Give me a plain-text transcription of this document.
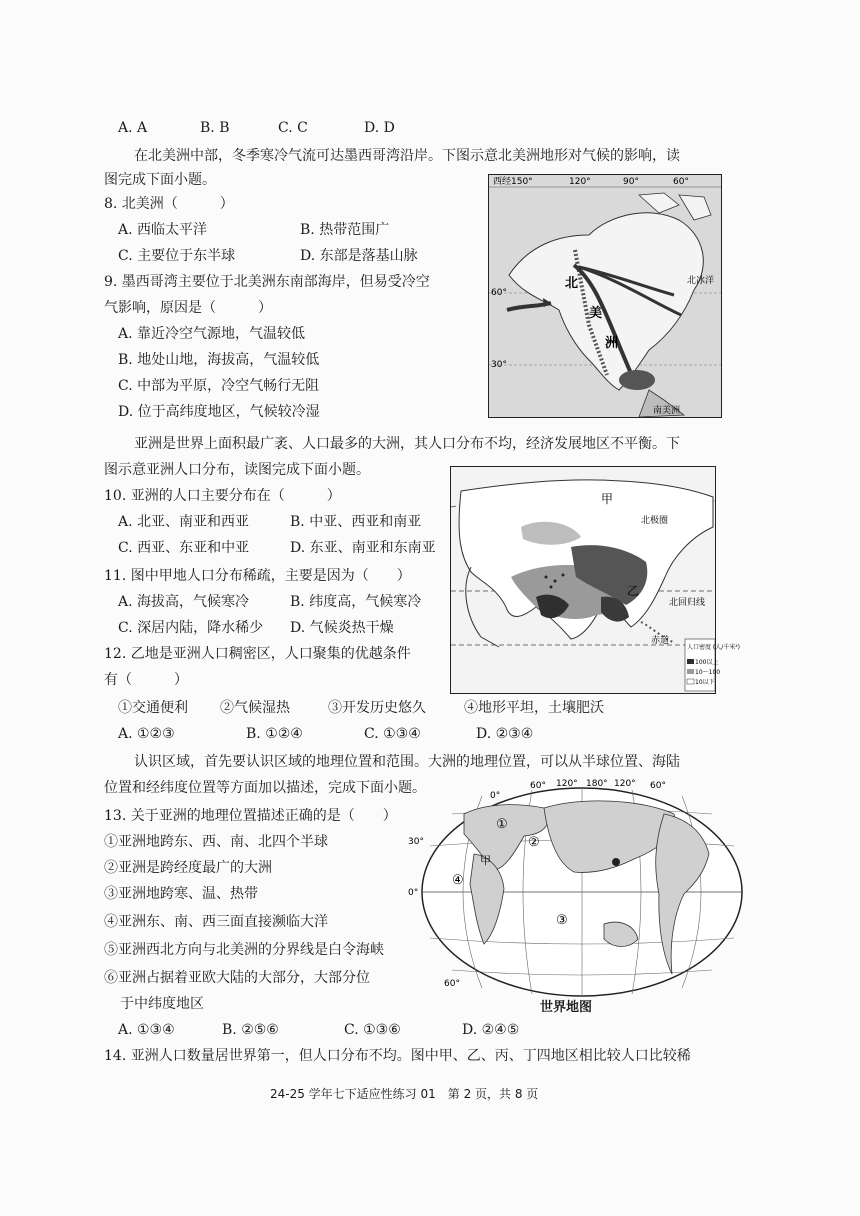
A. A	B. B	C. C	D. D
在北美洲中部，冬季寒冷气流可达墨西哥湾沿岸。下图示意北美洲地形对气候的影响，读
图完成下面小题。
8. 北美洲（　　　）
A. 西临太平洋	B. 热带范围广
C. 主要位于东半球	D. 东部是落基山脉
9. 墨西哥湾主要位于北美洲东南部海岸，但易受冷空
气影响，原因是（　　　）
A. 靠近冷空气源地，气温较低
B. 地处山地，海拔高，气温较低
C. 中部为平原，冷空气畅行无阻
D. 位于高纬度地区，气候较冷湿
西经150°	120°	90°	60°
60°
30°
北
美
洲
北冰洋
南美洲
亚洲是世界上面积最广袤、人口最多的大洲，其人口分布不均，经济发展地区不平衡。下
图示意亚洲人口分布，读图完成下面小题。
10. 亚洲的人口主要分布在（　　　）
A. 北亚、南亚和西亚	B. 中亚、西亚和南亚
C. 西亚、东亚和中亚	D. 东亚、南亚和东南亚
11. 图中甲地人口分布稀疏，主要是因为（　　）
A. 海拔高，气候寒冷	B. 纬度高，气候寒冷
C. 深居内陆，降水稀少 D. 气候炎热干燥
12. 乙地是亚洲人口稠密区，人口聚集的优越条件
有（　　　）
①交通便利 ②气候湿热	③开发历史悠久	④地形平坦，土壤肥沃
A. ①②③	B. ①②④	C. ①③④	D. ②③④
甲
乙
北极圈
北回归线
赤道
人口密度 (人/千米²)
100以上
10～100
10以下
认识区域，首先要认识区域的地理位置和范围。大洲的地理位置，可以从半球位置、海陆
位置和经纬度位置等方面加以描述，完成下面小题。
13. 关于亚洲的地理位置描述正确的是（　　）
①亚洲地跨东、西、南、北四个半球
②亚洲是跨经度最广的大洲
③亚洲地跨寒、温、热带
④亚洲东、南、西三面直接濒临大洋
⑤亚洲西北方向与北美洲的分界线是白令海峡
⑥亚洲占据着亚欧大陆的大部分，大部分位
于中纬度地区
A. ①③④	B. ②⑤⑥	C. ①③⑥	D. ②④⑤
0°
60° 120° 180° 120° 60°
30°
0°
60°
①
②
③
④
甲
世界地图
14. 亚洲人口数量居世界第一，但人口分布不均。图中甲、乙、丙、丁四地区相比较人口比较稀
24-25 学年七下适应性练习 01　第 2 页，共 8 页
